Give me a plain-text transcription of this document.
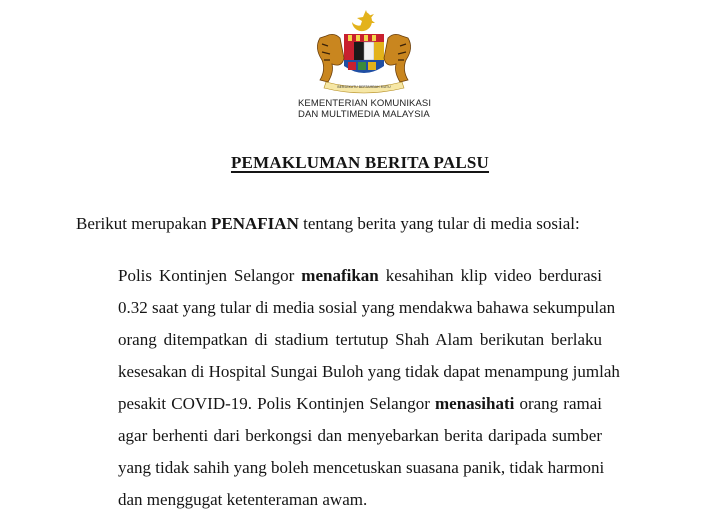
BERSEKUTU BERTAMBAH MUTU
KEMENTERIAN KOMUNIKASI
DAN MULTIMEDIA MALAYSIA
PEMAKLUMAN BERITA PALSU
Berikut merupakan PENAFIAN tentang berita yang tular di media sosial:
Polis Kontinjen Selangor menafikan kesahihan klip video berdurasi
0.32 saat yang tular di media sosial yang mendakwa bahawa sekumpulan
orang ditempatkan di stadium tertutup Shah Alam berikutan berlaku
kesesakan di Hospital Sungai Buloh yang tidak dapat menampung jumlah
pesakit COVID-19. Polis Kontinjen Selangor menasihati orang ramai
agar berhenti dari berkongsi dan menyebarkan berita daripada sumber
yang tidak sahih yang boleh mencetuskan suasana panik, tidak harmoni
dan menggugat ketenteraman awam.
